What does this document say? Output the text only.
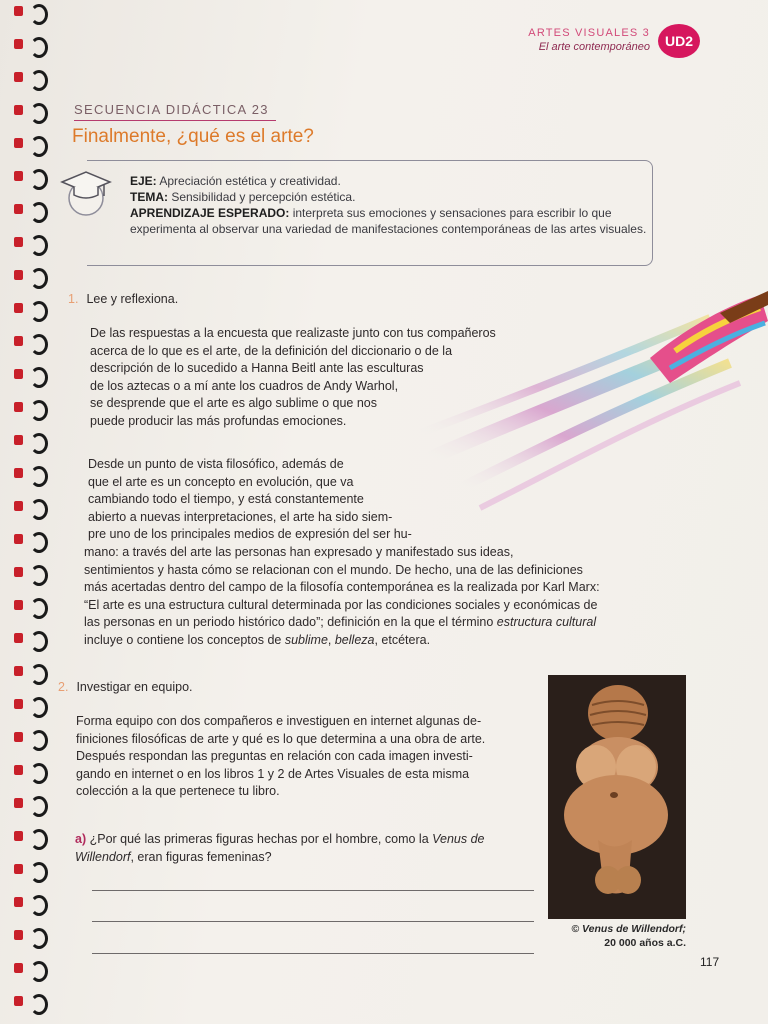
ARTES VISUALES 3
El arte contemporáneo	UD2
SECUENCIA DIDÁCTICA 23
Finalmente, ¿qué es el arte?
EJE: Apreciación estética y creatividad.
TEMA: Sensibilidad y percepción estética.
APRENDIZAJE ESPERADO: interpreta sus emociones y sensaciones para escribir lo que experimenta al observar una variedad de manifestaciones contemporáneas de las artes visuales.
1. Lee y reflexiona.
De las respuestas a la encuesta que realizaste junto con tus compañeros
acerca de lo que es el arte, de la definición del diccionario o de la
descripción de lo sucedido a Hanna Beitl ante las esculturas
de los aztecas o a mí ante los cuadros de Andy Warhol,
se desprende que el arte es algo sublime o que nos
puede producir las más profundas emociones.
Desde un punto de vista filosófico, además de
que el arte es un concepto en evolución, que va
cambiando todo el tiempo, y está constantemente
abierto a nuevas interpretaciones, el arte ha sido siem-
pre uno de los principales medios de expresión del ser hu-
mano: a través del arte las personas han expresado y manifestado sus ideas,
sentimientos y hasta cómo se relacionan con el mundo. De hecho, una de las definiciones
más acertadas dentro del campo de la filosofía contemporánea es la realizada por Karl Marx:
“El arte es una estructura cultural determinada por las condiciones sociales y económicas de
las personas en un periodo histórico dado”; definición en la que el término estructura cultural
incluye o contiene los conceptos de sublime, belleza, etcétera.
2. Investigar en equipo.
Forma equipo con dos compañeros e investiguen en internet algunas de-
finiciones filosóficas de arte y qué es lo que determina a una obra de arte.
Después respondan las preguntas en relación con cada imagen investi-
gando en internet o en los libros 1 y 2 de Artes Visuales de esta misma
colección a la que pertenece tu libro.
a) ¿Por qué las primeras figuras hechas por el hombre, como la Venus de Willendorf, eran figuras femeninas?
© Venus de Willendorf;
20 000 años a.C.
117
